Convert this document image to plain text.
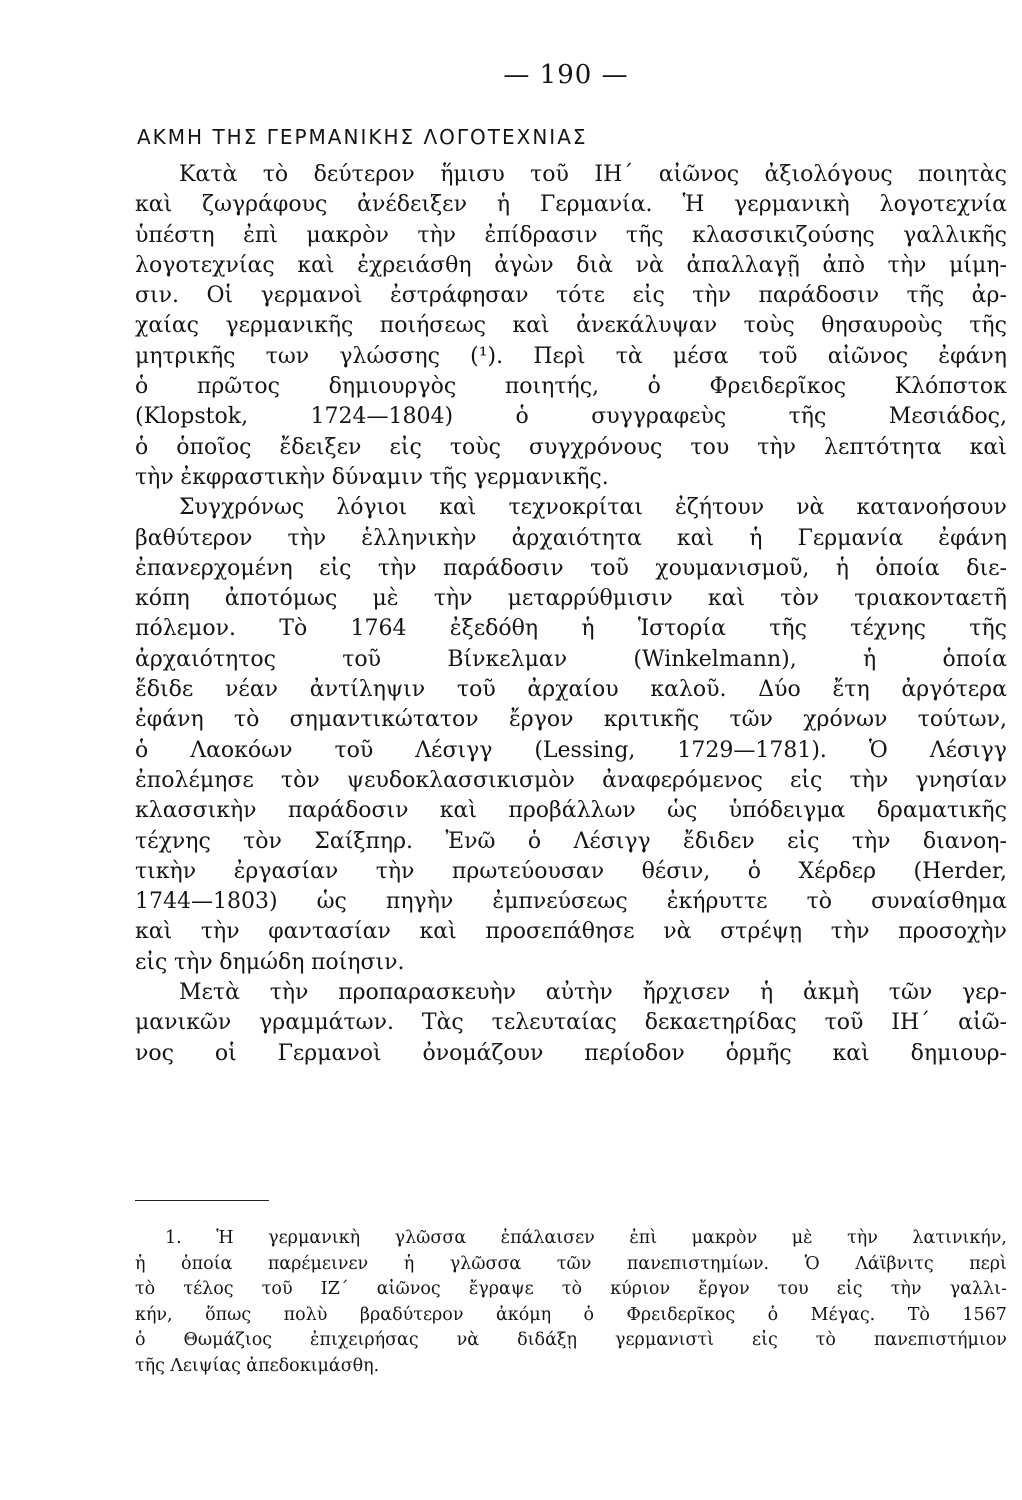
— 190 —
ΑΚΜΗ ΤΗΣ ΓΕΡΜΑΝΙΚΗΣ ΛΟΓΟΤΕΧΝΙΑΣ
Κατὰ τὸ δεύτερον ἥμισυ τοῦ ΙΗ΄ αἰῶνος ἀξιολόγους ποιητὰς
καὶ ζωγράφους ἀνέδειξεν ἡ Γερμανία. Ἡ γερμανικὴ λογοτεχνία
ὑπέστη ἐπὶ μακρὸν τὴν ἐπίδρασιν τῆς κλασσικιζούσης γαλλικῆς
λογοτεχνίας καὶ ἐχρειάσθη ἀγὼν διὰ νὰ ἀπαλλαγῇ ἀπὸ τὴν μίμη-
σιν. Οἱ γερμανοὶ ἐστράφησαν τότε εἰς τὴν παράδοσιν τῆς ἀρ-
χαίας γερμανικῆς ποιήσεως καὶ ἀνεκάλυψαν τοὺς θησαυροὺς τῆς
μητρικῆς των γλώσσης (¹). Περὶ τὰ μέσα τοῦ αἰῶνος ἐφάνη
ὁ πρῶτος δημιουργὸς ποιητής, ὁ Φρειδερῖκος Κλόπστοκ
(Klopstok,	1724—1804)	ὁ	συγγραφεὺς	τῆς	Μεσιάδος,
ὁ ὁποῖος ἔδειξεν εἰς τοὺς συγχρόνους του τὴν λεπτότητα καὶ
τὴν ἐκφραστικὴν δύναμιν τῆς γερμανικῆς.
Συγχρόνως λόγιοι καὶ τεχνοκρίται ἐζήτουν νὰ κατανοήσουν
βαθύτερον τὴν ἑλληνικὴν ἀρχαιότητα καὶ ἡ Γερμανία ἐφάνη
ἐπανερχομένη εἰς τὴν παράδοσιν τοῦ χουμανισμοῦ, ἡ ὁποία διε-
κόπη ἀποτόμως μὲ τὴν μεταρρύθμισιν καὶ τὸν τριακονταετῆ
πόλεμον. Τὸ 1764 ἐξεδόθη ἡ Ἱστορία τῆς τέχνης τῆς
ἀρχαιότητος	τοῦ	Βίνκελμαν	(Winkelmann),	ἡ	ὁποία
ἔδιδε νέαν ἀντίληψιν τοῦ ἀρχαίου καλοῦ. Δύο ἔτη ἀργότερα
ἐφάνη τὸ σημαντικώτατον ἔργον κριτικῆς τῶν χρόνων τούτων,
ὁ Λαοκόων τοῦ Λέσιγγ (Lessing, 1729—1781). Ὁ Λέσιγγ
ἐπολέμησε τὸν ψευδοκλασσικισμὸν ἀναφερόμενος εἰς τὴν γνησίαν
κλασσικὴν παράδοσιν καὶ προβάλλων ὡς ὑπόδειγμα δραματικῆς
τέχνης τὸν Σαίξπηρ. Ἐνῶ ὁ Λέσιγγ ἔδιδεν εἰς τὴν διανοη-
τικὴν ἐργασίαν τὴν πρωτεύουσαν θέσιν, ὁ Χέρδερ (Herder,
1744—1803) ὡς πηγὴν ἐμπνεύσεως ἐκήρυττε τὸ συναίσθημα
καὶ τὴν φαντασίαν καὶ προσεπάθησε νὰ στρέψῃ τὴν προσοχὴν
εἰς τὴν δημώδη ποίησιν.
Μετὰ τὴν προπαρασκευὴν αὐτὴν ἤρχισεν ἡ ἀκμὴ τῶν γερ-
μανικῶν γραμμάτων. Τὰς τελευταίας δεκαετηρίδας τοῦ ΙΗ΄ αἰῶ-
νος οἱ Γερμανοὶ ὀνομάζουν περίοδον ὁρμῆς καὶ δημιουρ-
1. Ἡ γερμανικὴ γλῶσσα ἐπάλαισεν ἐπὶ μακρὸν μὲ τὴν λατινικήν,
ἡ ὁποία παρέμεινεν ἡ γλῶσσα τῶν πανεπιστημίων. Ὁ Λάϊβνιτς περὶ
τὸ τέλος τοῦ ΙΖ΄ αἰῶνος ἔγραψε τὸ κύριον ἔργον του εἰς τὴν γαλλι-
κήν, ὅπως πολὺ βραδύτερον ἀκόμη ὁ Φρειδερῖκος ὁ Μέγας. Τὸ 1567
ὁ Θωμάζιος ἐπιχειρήσας νὰ διδάξῃ γερμανιστὶ εἰς τὸ πανεπιστήμιον
τῆς Λειψίας ἀπεδοκιμάσθη.
